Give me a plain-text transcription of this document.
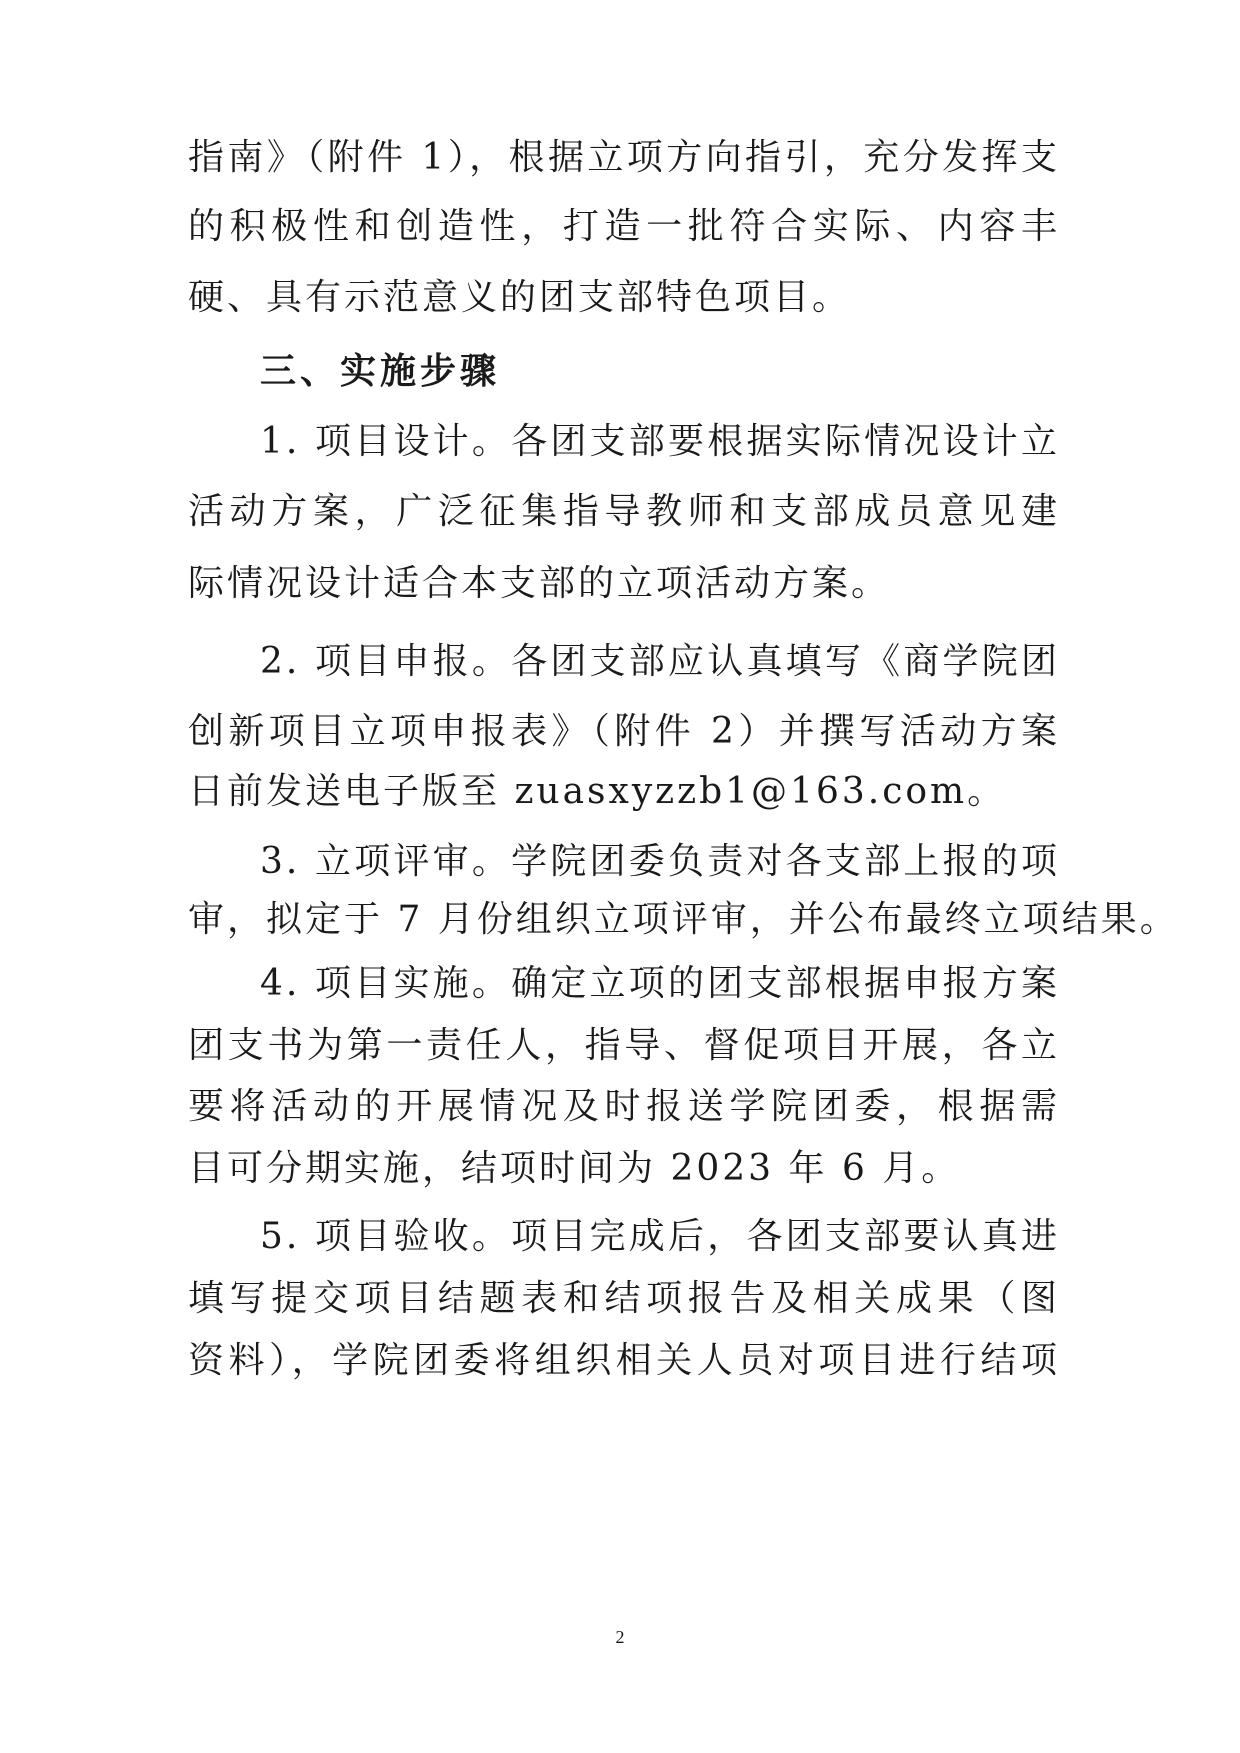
指南》（附件 1），根据立项方向指引，充分发挥支
的积极性和创造性，打造一批符合实际、内容丰
硬、具有示范意义的团支部特色项目。
三、实施步骤
1. 项目设计。各团支部要根据实际情况设计立
活动方案，广泛征集指导教师和支部成员意见建
际情况设计适合本支部的立项活动方案。
2. 项目申报。各团支部应认真填写《商学院团
创新项目立项申报表》（附件 2）并撰写活动方案
日前发送电子版至 zuasxyzzb1@163.com。
3. 立项评审。学院团委负责对各支部上报的项
审，拟定于 7 月份组织立项评审，并公布最终立项结果。
4. 项目实施。确定立项的团支部根据申报方案
团支书为第一责任人，指导、督促项目开展，各立
要将活动的开展情况及时报送学院团委，根据需
目可分期实施，结项时间为 2023 年 6 月。
5. 项目验收。项目完成后，各团支部要认真进
填写提交项目结题表和结项报告及相关成果（图
资料），学院团委将组织相关人员对项目进行结项
2
